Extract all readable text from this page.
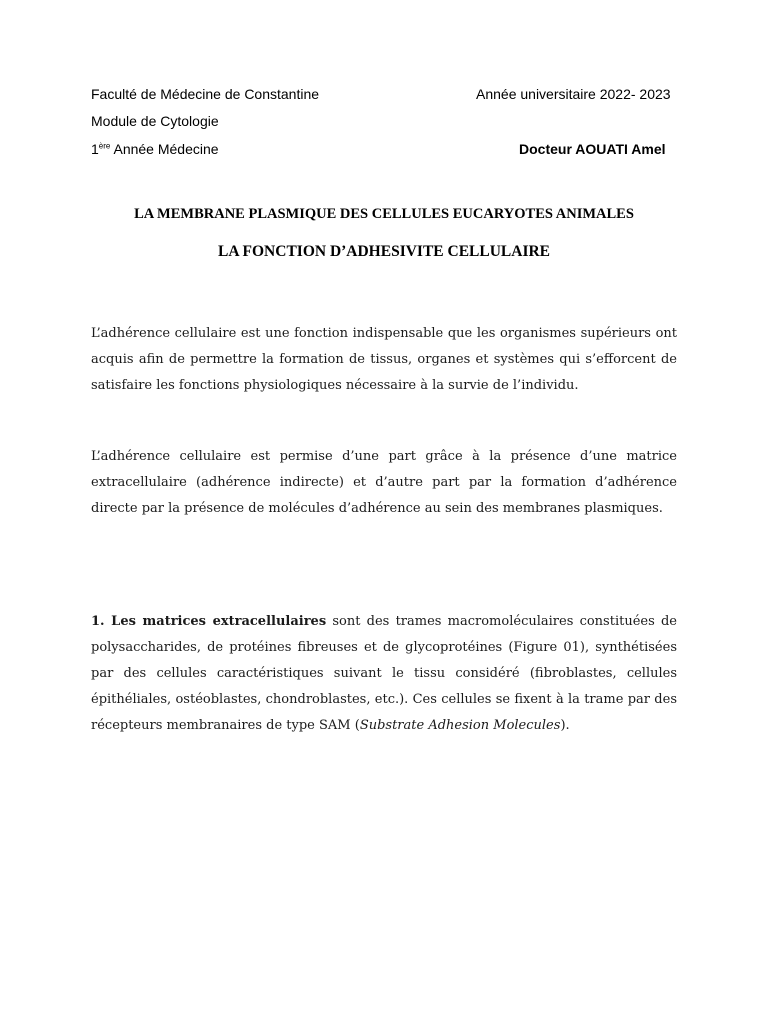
Faculté de Médecine de Constantine	Année universitaire 2022- 2023
Module de Cytologie
1ère Année Médecine	Docteur AOUATI Amel
LA MEMBRANE PLASMIQUE DES CELLULES EUCARYOTES ANIMALES
LA FONCTION D’ADHESIVITE CELLULAIRE
L’adhérence cellulaire est une fonction indispensable que les organismes supérieurs ont acquis afin de permettre la formation de tissus, organes et systèmes qui s’efforcent de satisfaire les fonctions physiologiques nécessaire à la survie de l’individu.
L’adhérence cellulaire est permise d’une part grâce à la présence d’une matrice extracellulaire (adhérence indirecte) et d’autre part par la formation d’adhérence directe par la présence de molécules d’adhérence au sein des membranes plasmiques.
1. Les matrices extracellulaires sont des trames macromoléculaires constituées de polysaccharides, de protéines fibreuses et de glycoprotéines (Figure 01), synthétisées par des cellules caractéristiques suivant le tissu considéré (fibroblastes, cellules épithéliales, ostéoblastes, chondroblastes, etc.). Ces cellules se fixent à la trame par des récepteurs membranaires de type SAM (Substrate Adhesion Molecules).
